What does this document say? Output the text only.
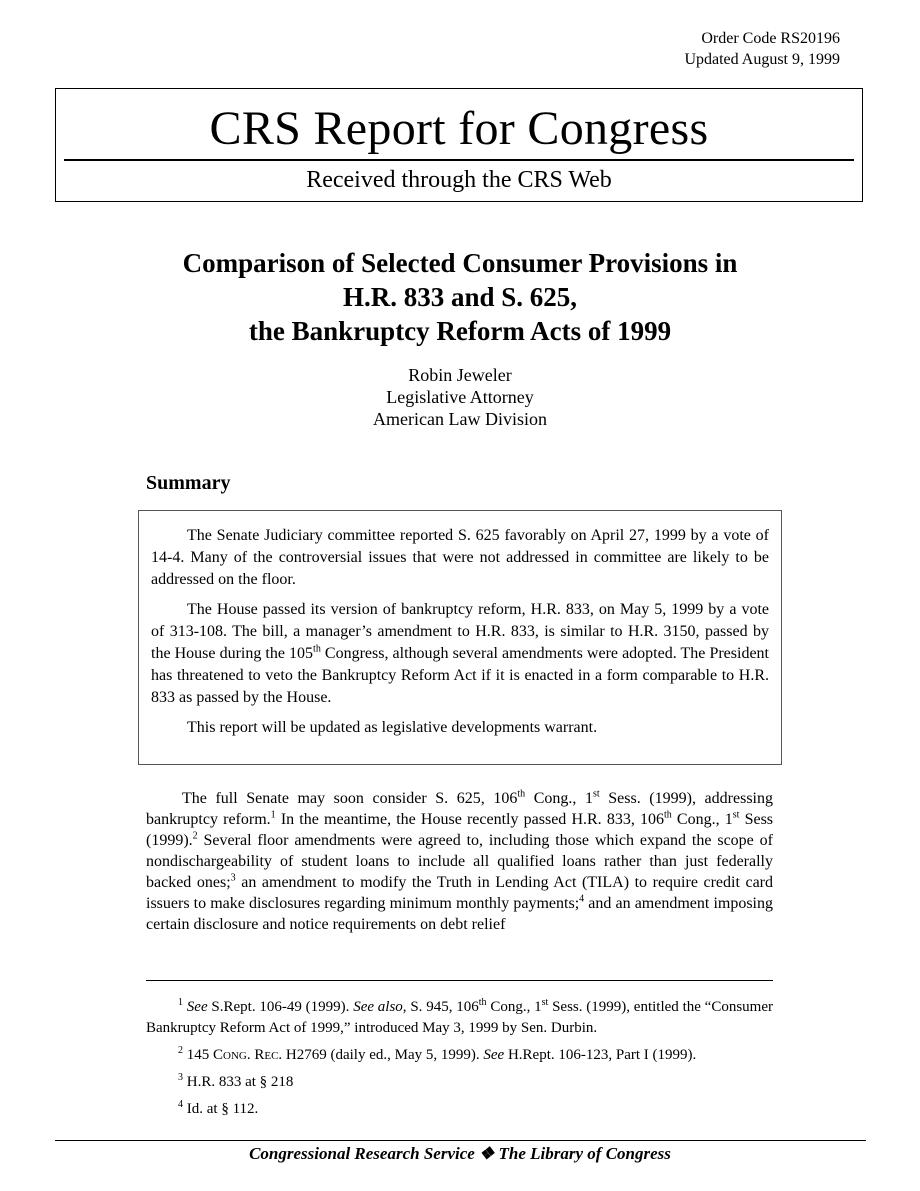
Order Code RS20196
Updated August 9, 1999
CRS Report for Congress
Received through the CRS Web
Comparison of Selected Consumer Provisions in
H.R. 833 and S. 625,
the Bankruptcy Reform Acts of 1999
Robin Jeweler
Legislative Attorney
American Law Division
Summary

The Senate Judiciary committee reported S. 625 favorably on April 27, 1999 by a vote of 14-4. Many of the controversial issues that were not addressed in committee are likely to be addressed on the floor.

The House passed its version of bankruptcy reform, H.R. 833, on May 5, 1999 by a vote of 313-108. The bill, a manager’s amendment to H.R. 833, is similar to H.R. 3150, passed by the House during the 105th Congress, although several amendments were adopted. The President has threatened to veto the Bankruptcy Reform Act if it is enacted in a form comparable to H.R. 833 as passed by the House.

This report will be updated as legislative developments warrant.

The full Senate may soon consider S. 625, 106th Cong., 1st Sess. (1999), addressing bankruptcy reform.$^1$ In the meantime, the House recently passed H.R. 833, 106th Cong., 1st Sess (1999).$^2$ Several floor amendments were agreed to, including those which expand the scope of nondischargeability of student loans to include all qualified loans rather than just federally backed ones;$^3$ an amendment to modify the Truth in Lending Act (TILA) to require credit card issuers to make disclosures regarding minimum monthly payments;$^4$ and an amendment imposing certain disclosure and notice requirements on debt relief

$^1$ See S.Rept. 106-49 (1999). See also, S. 945, 106th Cong., 1st Sess. (1999), entitled the “Consumer Bankruptcy Reform Act of 1999,” introduced May 3, 1999 by Sen. Durbin.
$^2$ 145 Cong. Rec. H2769 (daily ed., May 5, 1999). See H.Rept. 106-123, Part I (1999).
$^3$ H.R. 833 at § 218
$^4$ Id. at § 112.
Congressional Research Service ❖ The Library of Congress
